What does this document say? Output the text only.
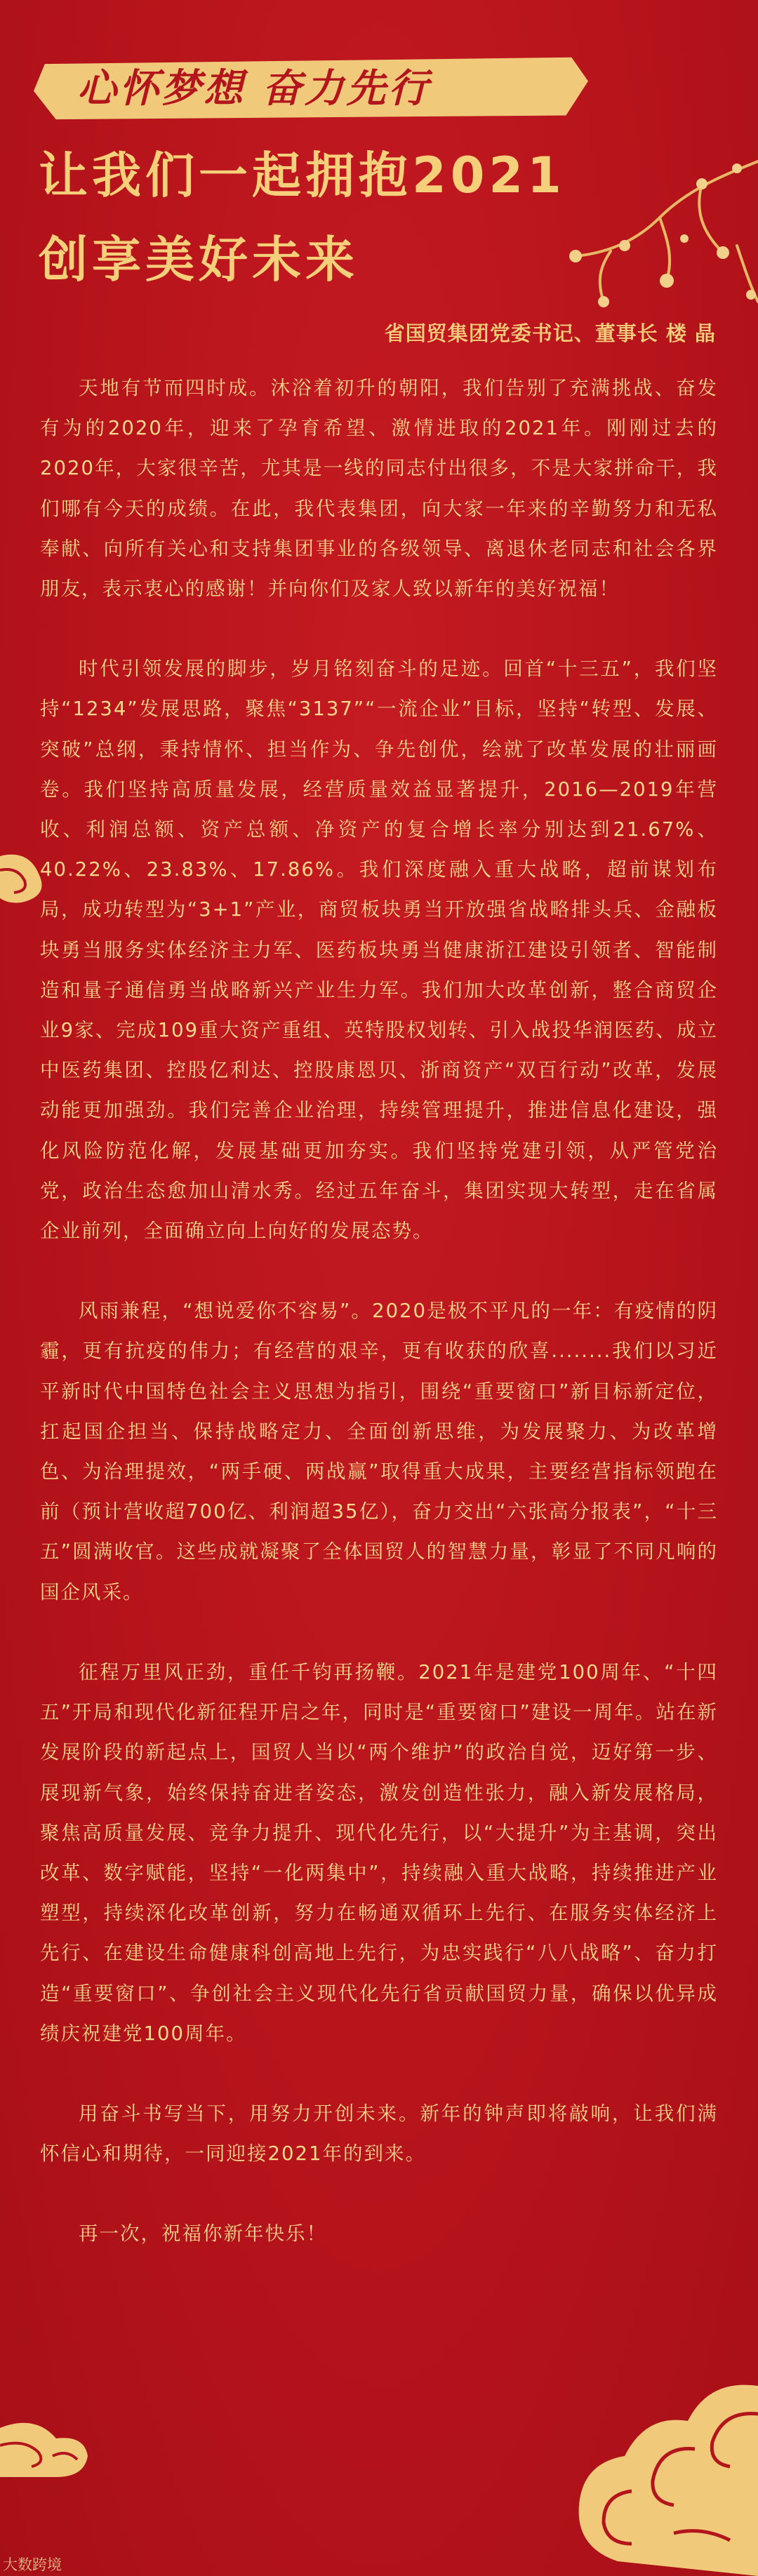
心怀梦想 奋力先行
让我们一起拥抱2021
创享美好未来
省国贸集团党委书记、董事长 楼 晶

天地有节而四时成。沐浴着初升的朝阳，我们告别了充满挑战、奋发有为的2020年，迎来了孕育希望、激情进取的2021年。刚刚过去的2020年，大家很辛苦，尤其是一线的同志付出很多，不是大家拼命干，我们哪有今天的成绩。在此，我代表集团，向大家一年来的辛勤努力和无私奉献、向所有关心和支持集团事业的各级领导、离退休老同志和社会各界朋友，表示衷心的感谢！并向你们及家人致以新年的美好祝福！

时代引领发展的脚步，岁月铭刻奋斗的足迹。回首“十三五”，我们坚持“1234”发展思路，聚焦“3137”“一流企业”目标，坚持“转型、发展、突破”总纲，秉持情怀、担当作为、争先创优，绘就了改革发展的壮丽画卷。我们坚持高质量发展，经营质量效益显著提升，2016—2019年营收、利润总额、资产总额、净资产的复合增长率分别达到21.67%、40.22%、23.83%、17.86%。我们深度融入重大战略，超前谋划布局，成功转型为“3+1”产业，商贸板块勇当开放强省战略排头兵、金融板块勇当服务实体经济主力军、医药板块勇当健康浙江建设引领者、智能制造和量子通信勇当战略新兴产业生力军。我们加大改革创新，整合商贸企业9家、完成109重大资产重组、英特股权划转、引入战投华润医药、成立中医药集团、控股亿利达、控股康恩贝、浙商资产“双百行动”改革，发展动能更加强劲。我们完善企业治理，持续管理提升，推进信息化建设，强化风险防范化解，发展基础更加夯实。我们坚持党建引领，从严管党治党，政治生态愈加山清水秀。经过五年奋斗，集团实现大转型，走在省属企业前列，全面确立向上向好的发展态势。

风雨兼程，“想说爱你不容易”。2020是极不平凡的一年：有疫情的阴霾，更有抗疫的伟力；有经营的艰辛，更有收获的欣喜........我们以习近平新时代中国特色社会主义思想为指引，围绕“重要窗口”新目标新定位，扛起国企担当、保持战略定力、全面创新思维，为发展聚力、为改革增色、为治理提效，“两手硬、两战赢”取得重大成果，主要经营指标领跑在前（预计营收超700亿、利润超35亿），奋力交出“六张高分报表”，“十三五”圆满收官。这些成就凝聚了全体国贸人的智慧力量，彰显了不同凡响的国企风采。

征程万里风正劲，重任千钧再扬鞭。2021年是建党100周年、“十四五”开局和现代化新征程开启之年，同时是“重要窗口”建设一周年。站在新发展阶段的新起点上，国贸人当以“两个维护”的政治自觉，迈好第一步、展现新气象，始终保持奋进者姿态，激发创造性张力，融入新发展格局，聚焦高质量发展、竞争力提升、现代化先行，以“大提升”为主基调，突出改革、数字赋能，坚持“一化两集中”，持续融入重大战略，持续推进产业塑型，持续深化改革创新，努力在畅通双循环上先行、在服务实体经济上先行、在建设生命健康科创高地上先行，为忠实践行“八八战略”、奋力打造“重要窗口”、争创社会主义现代化先行省贡献国贸力量，确保以优异成绩庆祝建党100周年。

用奋斗书写当下，用努力开创未来。新年的钟声即将敲响，让我们满怀信心和期待，一同迎接2021年的到来。

再一次，祝福你新年快乐！

大数跨境
